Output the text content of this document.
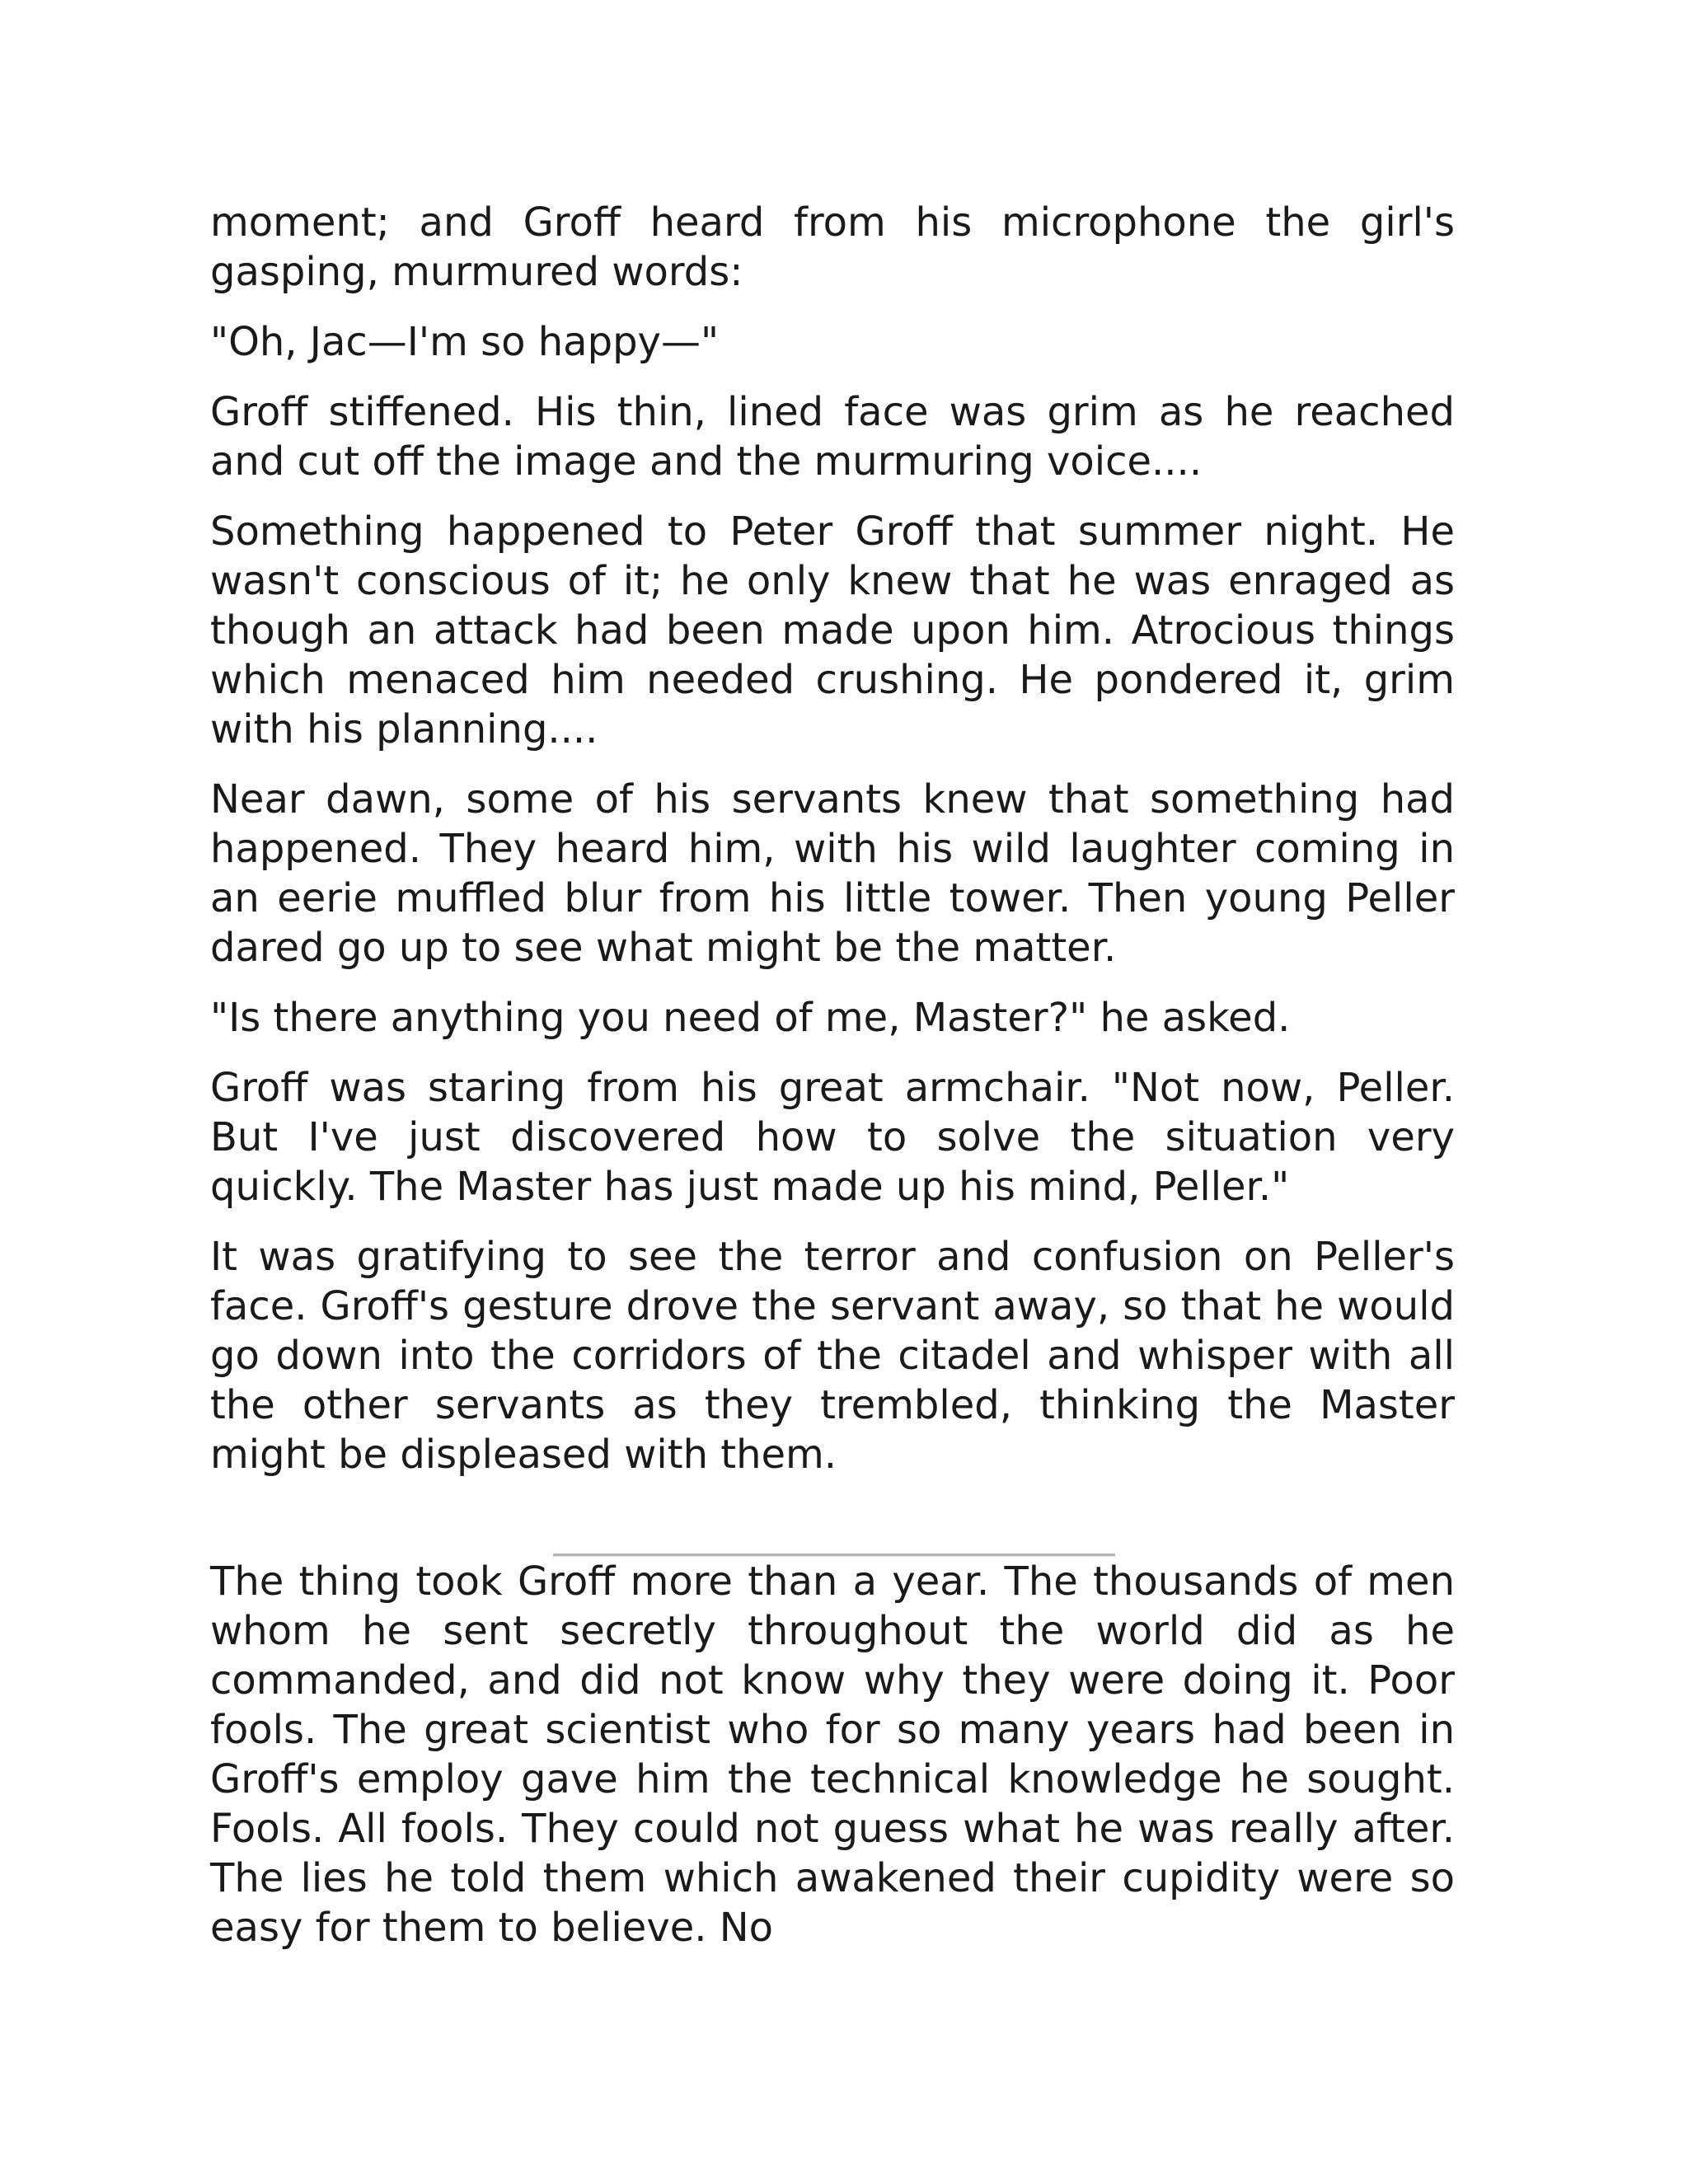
moment; and Groff heard from his microphone the girl's gasping, murmured words:

"Oh, Jac—I'm so happy—"

Groff stiffened. His thin, lined face was grim as he reached and cut off the image and the murmuring voice....

Something happened to Peter Groff that summer night. He wasn't conscious of it; he only knew that he was enraged as though an attack had been made upon him. Atrocious things which menaced him needed crushing. He pondered it, grim with his planning....

Near dawn, some of his servants knew that something had happened. They heard him, with his wild laughter coming in an eerie muffled blur from his little tower. Then young Peller dared go up to see what might be the matter.

"Is there anything you need of me, Master?" he asked.

Groff was staring from his great armchair. "Not now, Peller. But I've just discovered how to solve the situation very quickly. The Master has just made up his mind, Peller."

It was gratifying to see the terror and confusion on Peller's face. Groff's gesture drove the servant away, so that he would go down into the corridors of the citadel and whisper with all the other servants as they trembled, thinking the Master might be displeased with them.

The thing took Groff more than a year. The thousands of men whom he sent secretly throughout the world did as he commanded, and did not know why they were doing it. Poor fools. The great scientist who for so many years had been in Groff's employ gave him the technical knowledge he sought. Fools. All fools. They could not guess what he was really after. The lies he told them which awakened their cupidity were so easy for them to believe. No
